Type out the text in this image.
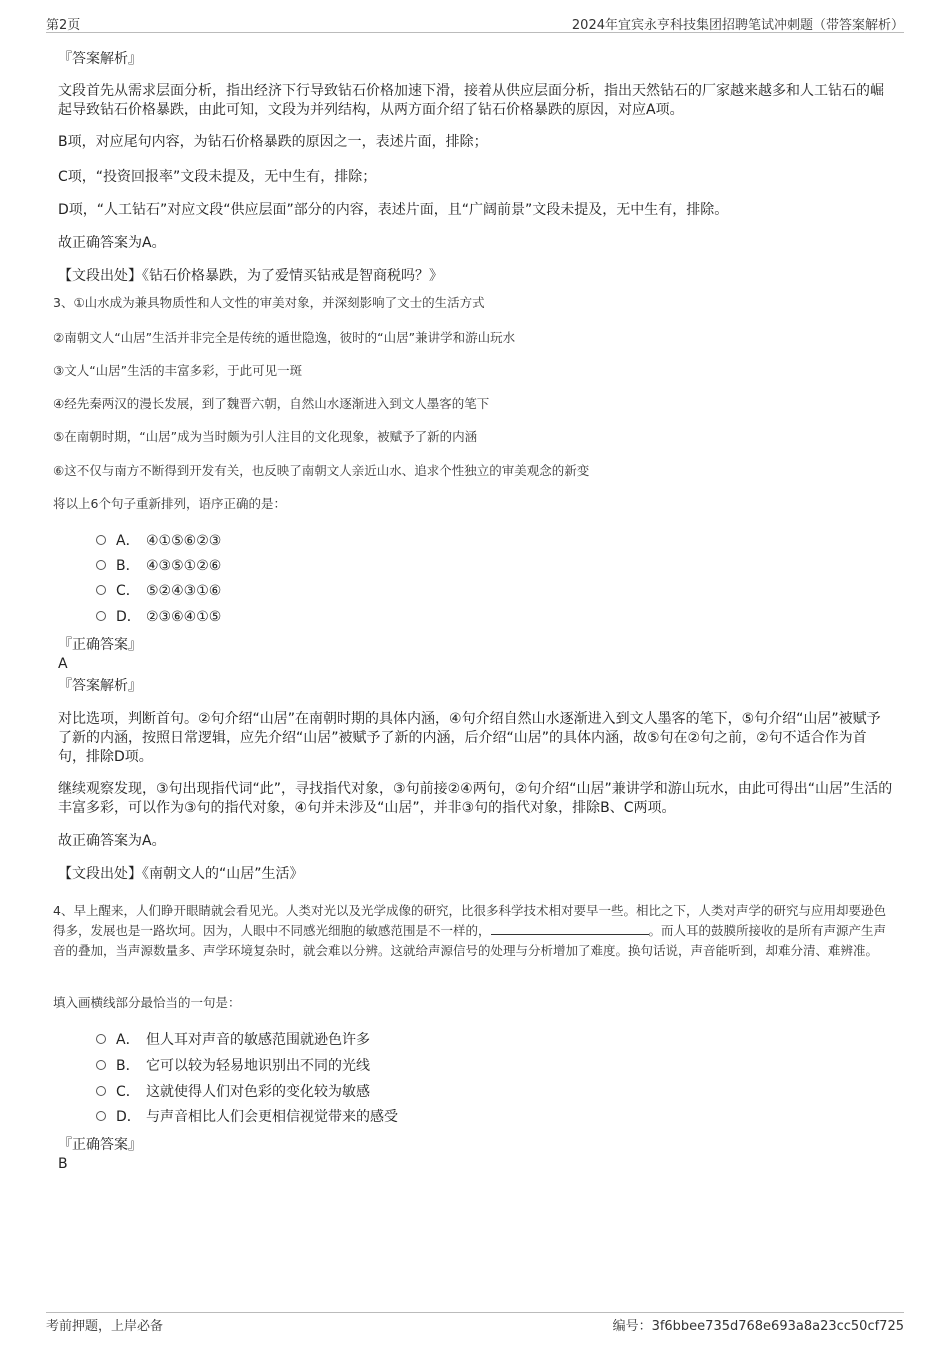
第2页	2024年宜宾永亨科技集团招聘笔试冲刺题（带答案解析）
『答案解析』
文段首先从需求层面分析，指出经济下行导致钻石价格加速下滑，接着从供应层面分析，指出天然钻石的厂家越来越多和人工钻石的崛起导致钻石价格暴跌，由此可知，文段为并列结构，从两方面介绍了钻石价格暴跌的原因，对应A项。
B项，对应尾句内容，为钻石价格暴跌的原因之一，表述片面，排除；
C项，“投资回报率”文段未提及，无中生有，排除；
D项，“人工钻石”对应文段“供应层面”部分的内容，表述片面，且“广阔前景”文段未提及，无中生有，排除。
故正确答案为A。
【文段出处】《钻石价格暴跌，为了爱情买钻戒是智商税吗？》
3、①山水成为兼具物质性和人文性的审美对象，并深刻影响了文士的生活方式
②南朝文人“山居”生活并非完全是传统的遁世隐逸，彼时的“山居”兼讲学和游山玩水
③文人“山居”生活的丰富多彩，于此可见一斑
④经先秦两汉的漫长发展，到了魏晋六朝，自然山水逐渐进入到文人墨客的笔下
⑤在南朝时期，“山居”成为当时颇为引人注目的文化现象，被赋予了新的内涵
⑥这不仅与南方不断得到开发有关，也反映了南朝文人亲近山水、追求个性独立的审美观念的新变
将以上6个句子重新排列，语序正确的是：
A． ④①⑤⑥②③
B． ④③⑤①②⑥
C． ⑤②④③①⑥
D． ②③⑥④①⑤
『正确答案』
A
『答案解析』
对比选项，判断首句。②句介绍“山居”在南朝时期的具体内涵，④句介绍自然山水逐渐进入到文人墨客的笔下，⑤句介绍“山居”被赋予了新的内涵，按照日常逻辑，应先介绍“山居”被赋予了新的内涵，后介绍“山居”的具体内涵，故⑤句在②句之前，②句不适合作为首句，排除D项。
继续观察发现，③句出现指代词“此”，寻找指代对象，③句前接②④两句，②句介绍“山居”兼讲学和游山玩水，由此可得出“山居”生活的丰富多彩，可以作为③句的指代对象，④句并未涉及“山居”，并非③句的指代对象，排除B、C两项。
故正确答案为A。
【文段出处】《南朝文人的“山居”生活》
4、早上醒来，人们睁开眼睛就会看见光。人类对光以及光学成像的研究，比很多科学技术相对要早一些。相比之下，人类对声学的研究与应用却要逊色得多，发展也是一路坎坷。因为，人眼中不同感光细胞的敏感范围是不一样的，	。而人耳的鼓膜所接收的是所有声源产生声音的叠加，当声源数量多、声学环境复杂时，就会难以分辨。这就给声源信号的处理与分析增加了难度。换句话说，声音能听到，却难分清、难辨准。
填入画横线部分最恰当的一句是：
A． 但人耳对声音的敏感范围就逊色许多
B． 它可以较为轻易地识别出不同的光线
C． 这就使得人们对色彩的变化较为敏感
D． 与声音相比人们会更相信视觉带来的感受
『正确答案』
B
考前押题，上岸必备	编号：3f6bbee735d768e693a8a23cc50cf725
